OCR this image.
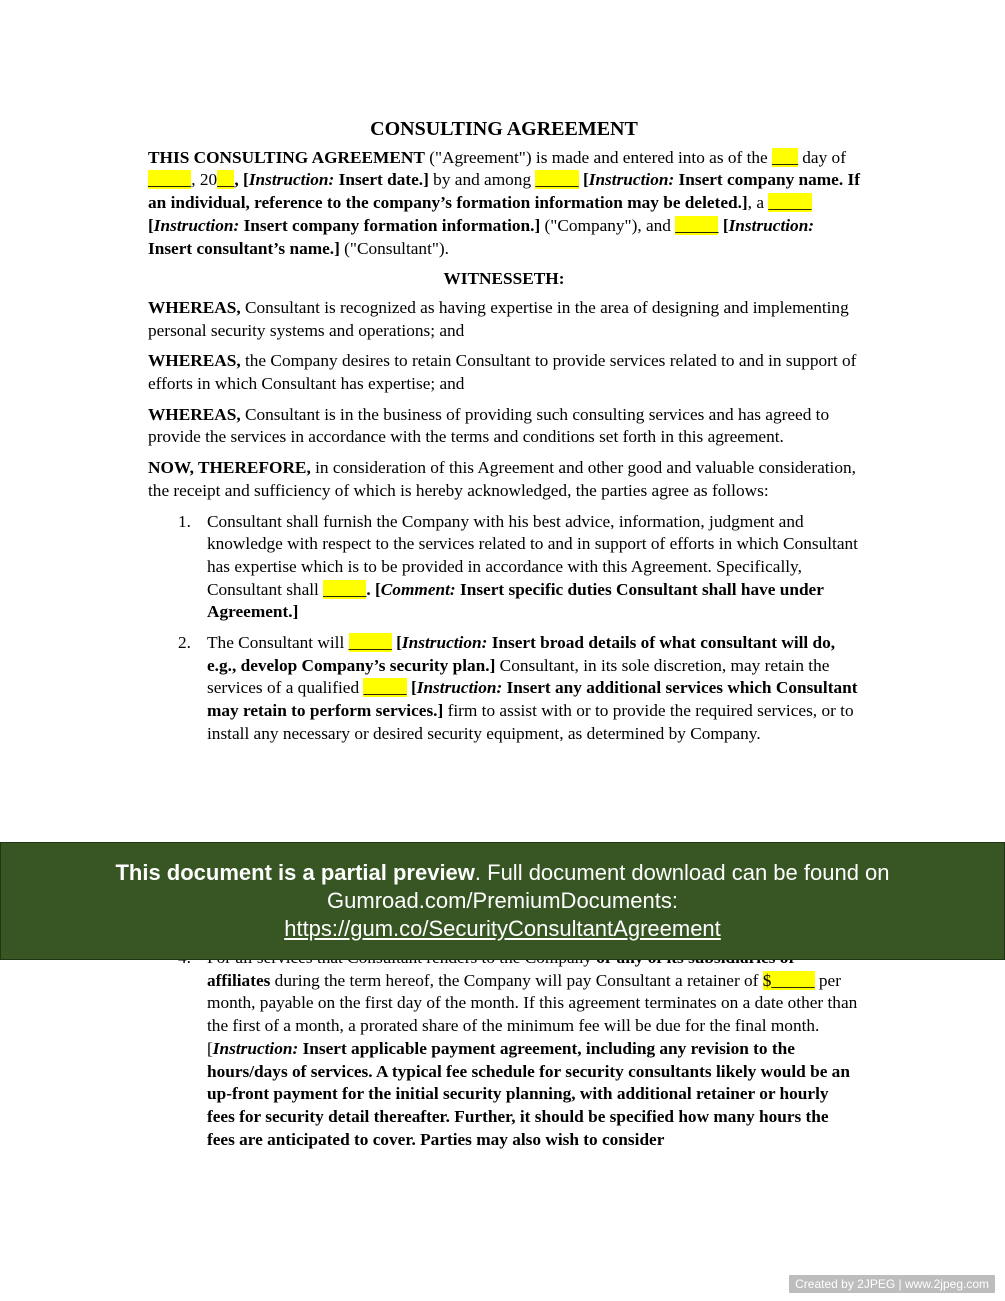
CONSULTING AGREEMENT

THIS CONSULTING AGREEMENT ("Agreement") is made and entered into as of the ___ day of _____, 20__, [Instruction: Insert date.] by and among _____ [Instruction: Insert company name. If an individual, reference to the company’s formation information may be deleted.], a _____ [Instruction: Insert company formation information.] ("Company"), and _____ [Instruction: Insert consultant’s name.] ("Consultant").

WITNESSETH:

WHEREAS, Consultant is recognized as having expertise in the area of designing and implementing personal security systems and operations; and

WHEREAS, the Company desires to retain Consultant to provide services related to and in support of efforts in which Consultant has expertise; and

WHEREAS, Consultant is in the business of providing such consulting services and has agreed to provide the services in accordance with the terms and conditions set forth in this agreement.

NOW, THEREFORE, in consideration of this Agreement and other good and valuable consideration, the receipt and sufficiency of which is hereby acknowledged, the parties agree as follows:

1. Consultant shall furnish the Company with his best advice, information, judgment and knowledge with respect to the services related to and in support of efforts in which Consultant has expertise which is to be provided in accordance with this Agreement. Specifically, Consultant shall _____. [Comment: Insert specific duties Consultant shall have under Agreement.]
2. The Consultant will _____ [Instruction: Insert broad details of what consultant will do, e.g., develop Company’s security plan.] Consultant, in its sole discretion, may retain the services of a qualified _____ [Instruction: Insert any additional services which Consultant may retain to perform services.] firm to assist with or to provide the required services, or to install any necessary or desired security equipment, as determined by Company.
affiliates during the term hereof, the Company will pay Consultant a retainer of $_____ per month, payable on the first day of the month. If this agreement terminates on a date other than the first of a month, a prorated share of the minimum fee will be due for the final month. [Instruction: Insert applicable payment agreement, including any revision to the hours/days of services. A typical fee schedule for security consultants likely would be an up-front payment for the initial security planning, with additional retainer or hourly fees for security detail thereafter. Further, it should be specified how many hours the fees are anticipated to cover. Parties may also wish to consider
This document is a partial preview. Full document download can be found on Gumroad.com/PremiumDocuments:
https://gum.co/SecurityConsultantAgreement
Created by 2JPEG | www.2jpeg.com
